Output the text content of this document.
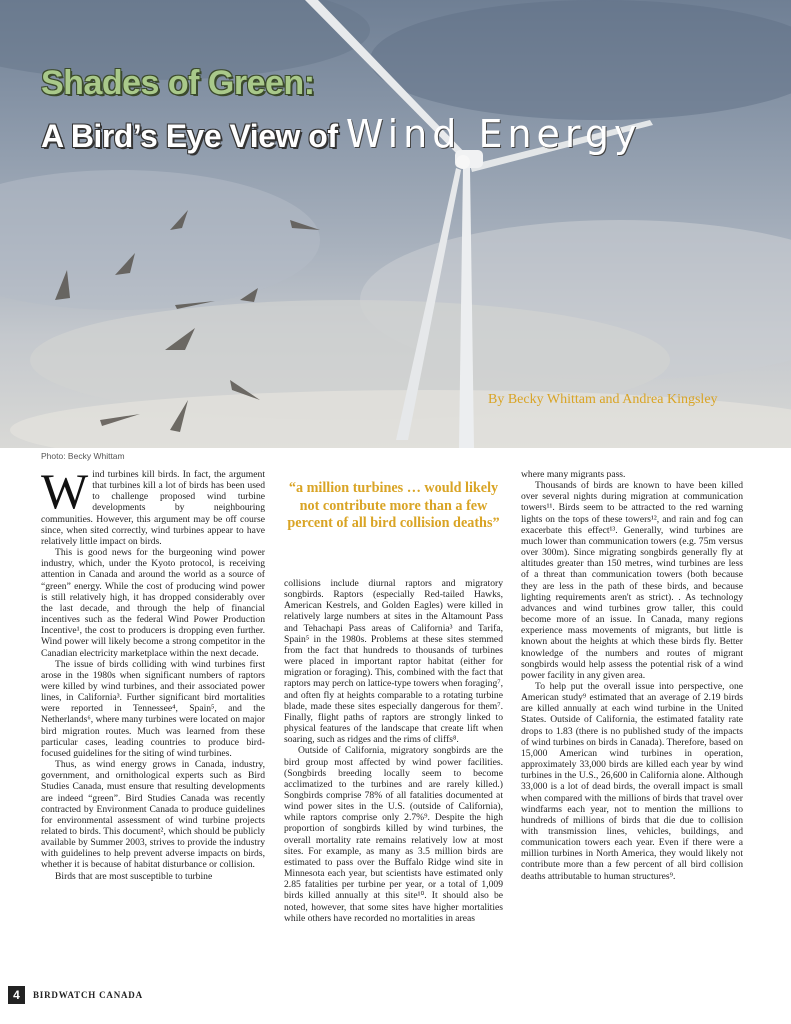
Shades of Green:
A Bird’s Eye View of Wind Energy
By Becky Whittam and Andrea Kingsley
Photo: Becky Whittam

Wind turbines kill birds. In fact, the argument that turbines kill a lot of birds has been used to challenge proposed wind turbine developments by neighbouring communities. However, this argument may be off course since, when sited correctly, wind turbines appear to have relatively little impact on birds.

This is good news for the burgeoning wind power industry, which, under the Kyoto protocol, is receiving attention in Canada and around the world as a source of “green” energy. While the cost of producing wind power is still relatively high, it has dropped considerably over the last decade, and through the help of financial incentives such as the federal Wind Power Production Incentive¹, the cost to producers is dropping even further. Wind power will likely become a strong competitor in the Canadian electricity marketplace within the next decade.

The issue of birds colliding with wind turbines first arose in the 1980s when significant numbers of raptors were killed by wind turbines, and their associated power lines, in California³. Further significant bird mortalities were reported in Tennessee⁴, Spain⁵, and the Netherlands⁶, where many turbines were located on major bird migration routes. Much was learned from these particular cases, leading countries to produce bird-focused guidelines for the siting of wind turbines.

Thus, as wind energy grows in Canada, industry, government, and ornithological experts such as Bird Studies Canada, must ensure that resulting developments are indeed “green”. Bird Studies Canada was recently contracted by Environment Canada to produce guidelines for environmental assessment of wind turbine projects related to birds. This document², which should be publicly available by Summer 2003, strives to provide the industry with guidelines to help prevent adverse impacts on birds, whether it is because of habitat disturbance or collision.

Birds that are most susceptible to turbine

“a million turbines … would likely not contribute more than a few percent of all bird collision deaths”

collisions include diurnal raptors and migratory songbirds. Raptors (especially Red-tailed Hawks, American Kestrels, and Golden Eagles) were killed in relatively large numbers at sites in the Altamount Pass and Tehachapi Pass areas of California³ and Tarifa, Spain⁵ in the 1980s. Problems at these sites stemmed from the fact that hundreds to thousands of turbines were placed in important raptor habitat (either for migration or foraging). This, combined with the fact that raptors may perch on lattice-type towers when foraging⁷, and often fly at heights comparable to a rotating turbine blade, made these sites especially dangerous for them⁷. Finally, flight paths of raptors are strongly linked to physical features of the landscape that create lift when soaring, such as ridges and the rims of cliffs⁸.

Outside of California, migratory songbirds are the bird group most affected by wind power facilities. (Songbirds breeding locally seem to become acclimatized to the turbines and are rarely killed.) Songbirds comprise 78% of all fatalities documented at wind power sites in the U.S. (outside of California), while raptors comprise only 2.7%⁹. Despite the high proportion of songbirds killed by wind turbines, the overall mortality rate remains relatively low at most sites. For example, as many as 3.5 million birds are estimated to pass over the Buffalo Ridge wind site in Minnesota each year, but scientists have estimated only 2.85 fatalities per turbine per year, or a total of 1,009 birds killed annually at this site¹⁰. It should also be noted, however, that some sites have higher mortalities while others have recorded no mortalities in areas

where many migrants pass.

Thousands of birds are known to have been killed over several nights during migration at communication towers¹¹. Birds seem to be attracted to the red warning lights on the tops of these towers¹², and rain and fog can exacerbate this effect¹³. Generally, wind turbines are much lower than communication towers (e.g. 75m versus over 300m). Since migrating songbirds generally fly at altitudes greater than 150 metres, wind turbines are less of a threat than communication towers (both because they are less in the path of these birds, and because lighting requirements aren't as strict). . As technology advances and wind turbines grow taller, this could become more of an issue. In Canada, many regions experience mass movements of migrants, but little is known about the heights at which these birds fly. Better knowledge of the numbers and routes of migrant songbirds would help assess the potential risk of a wind power facility in any given area.

To help put the overall issue into perspective, one American study⁹ estimated that an average of 2.19 birds are killed annually at each wind turbine in the United States. Outside of California, the estimated fatality rate drops to 1.83 (there is no published study of the impacts of wind turbines on birds in Canada). Therefore, based on 15,000 American wind turbines in operation, approximately 33,000 birds are killed each year by wind turbines in the U.S., 26,600 in California alone. Although 33,000 is a lot of dead birds, the overall impact is small when compared with the millions of birds that travel over windfarms each year, not to mention the millions to hundreds of millions of birds that die due to collision with transmission lines, vehicles, buildings, and communication towers each year. Even if there were a million turbines in North America, they would likely not contribute more than a few percent of all bird collision deaths attributable to human structures⁹.

4	BIRDWATCH CANADA
